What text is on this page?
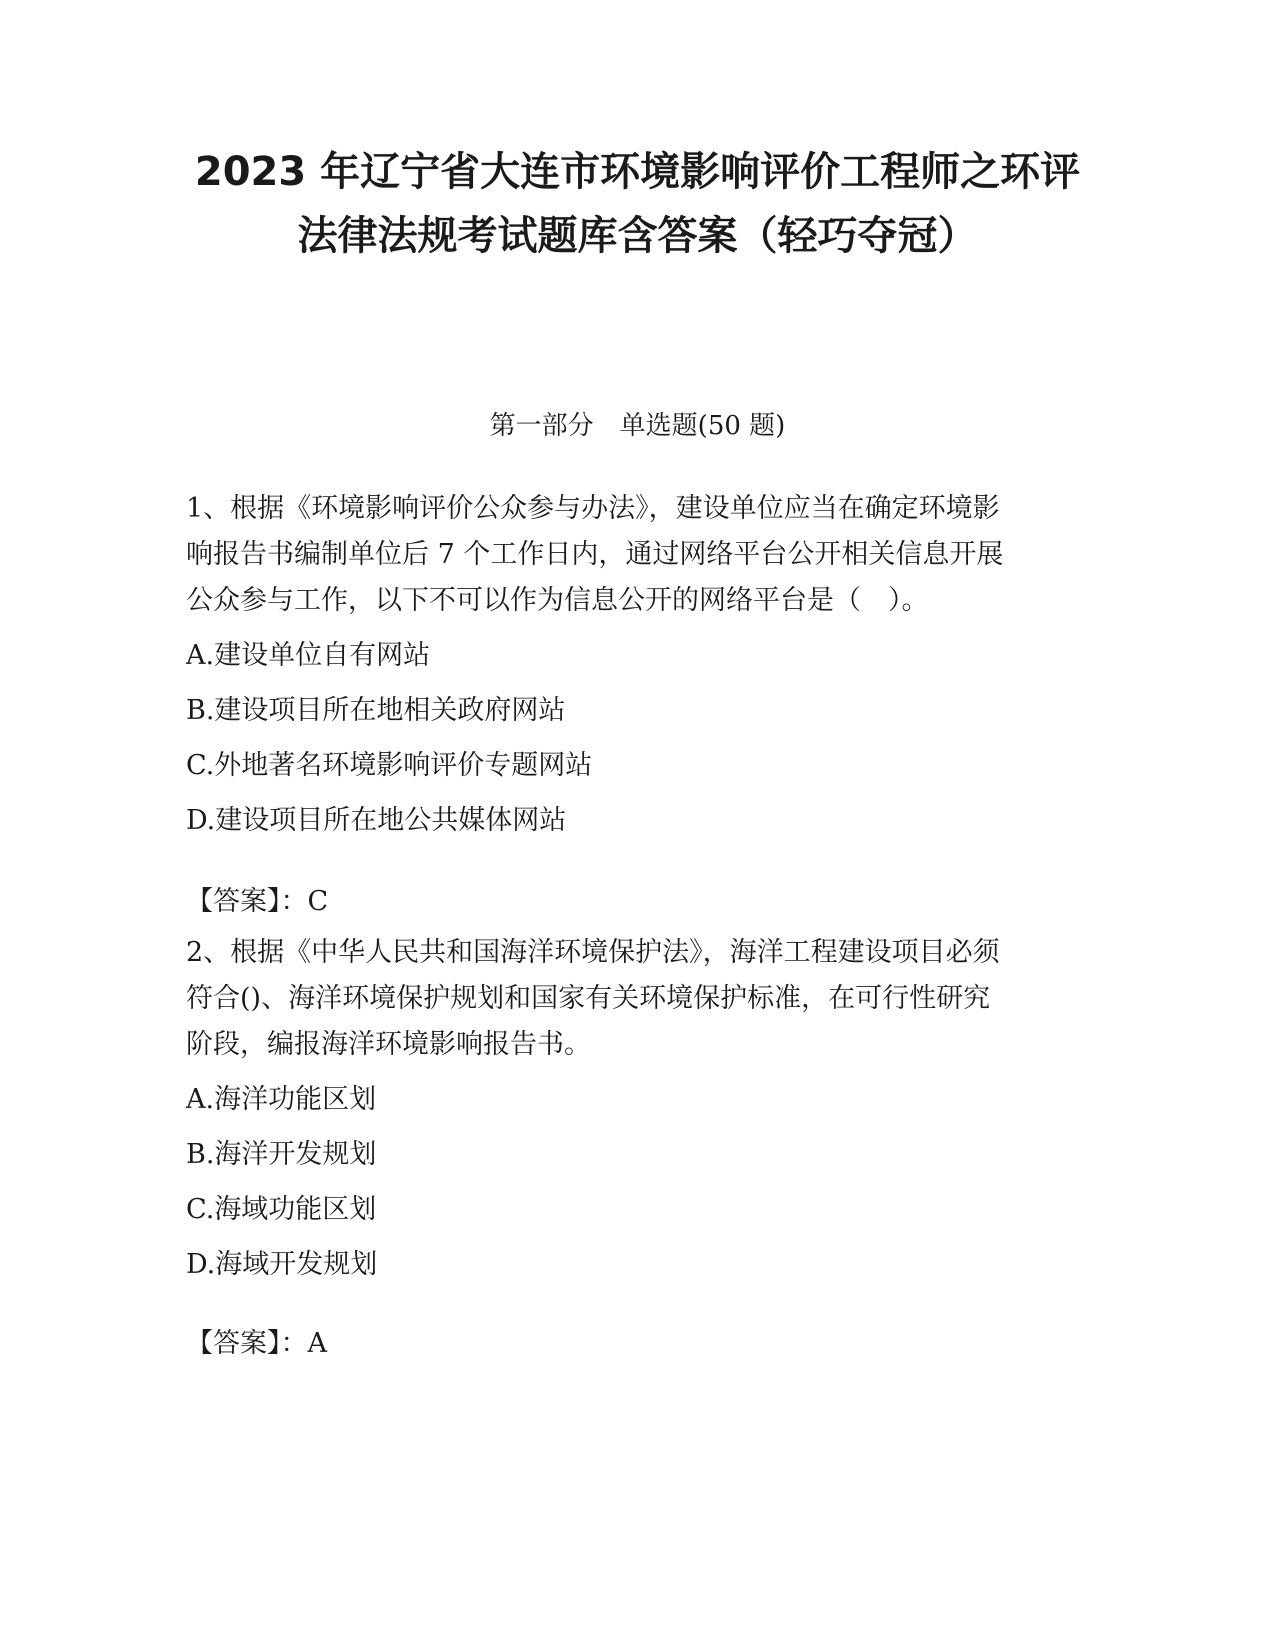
2023 年辽宁省大连市环境影响评价工程师之环评
法律法规考试题库含答案（轻巧夺冠）
第一部分　单选题(50 题)

1、根据《环境影响评价公众参与办法》，建设单位应当在确定环境影
响报告书编制单位后 7 个工作日内，通过网络平台公开相关信息开展
公众参与工作，以下不可以作为信息公开的网络平台是（　）。

A.建设单位自有网站
B.建设项目所在地相关政府网站
C.外地著名环境影响评价专题网站
D.建设项目所在地公共媒体网站

【答案】：C

2、根据《中华人民共和国海洋环境保护法》，海洋工程建设项目必须
符合()、海洋环境保护规划和国家有关环境保护标准，在可行性研究
阶段，编报海洋环境影响报告书。

A.海洋功能区划
B.海洋开发规划
C.海域功能区划
D.海域开发规划

【答案】：A
